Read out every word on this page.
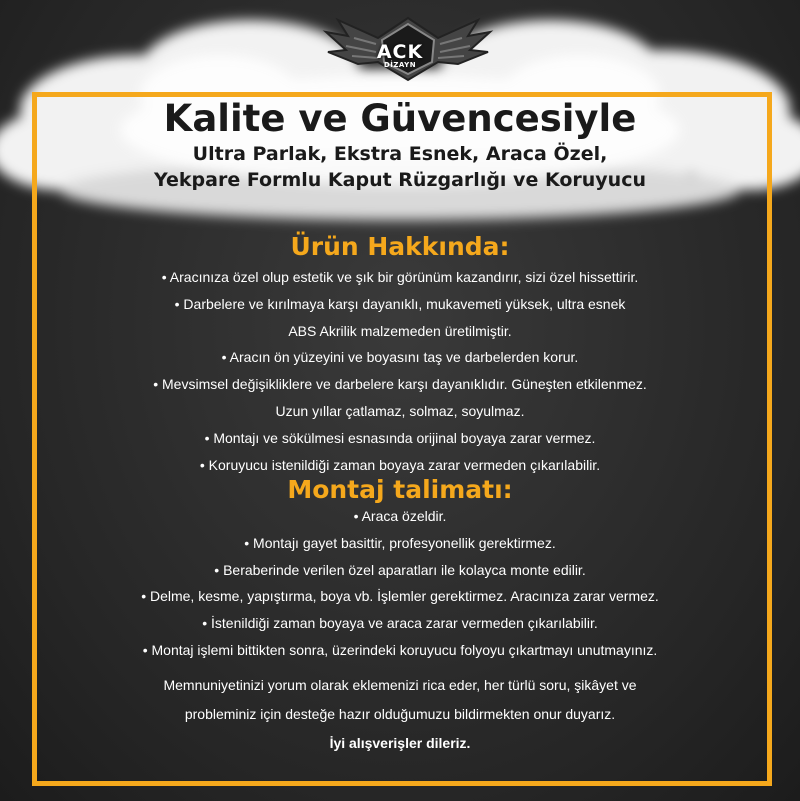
ACK
DİZAYN
Kalite ve Güvencesiyle
Ultra Parlak, Ekstra Esnek, Araca Özel,
Yekpare Formlu Kaput Rüzgarlığı ve Koruyucu
Ürün Hakkında:
• Aracınıza özel olup estetik ve şık bir görünüm kazandırır, sizi özel hissettirir.
• Darbelere ve kırılmaya karşı dayanıklı, mukavemeti yüksek, ultra esnek
ABS Akrilik malzemeden üretilmiştir.
• Aracın ön yüzeyini ve boyasını taş ve darbelerden korur.
• Mevsimsel değişikliklere ve darbelere karşı dayanıklıdır. Güneşten etkilenmez.
Uzun yıllar çatlamaz, solmaz, soyulmaz.
• Montajı ve sökülmesi esnasında orijinal boyaya zarar vermez.
• Koruyucu istenildiği zaman boyaya zarar vermeden çıkarılabilir.
Montaj talimatı:
• Araca özeldir.
• Montajı gayet basittir, profesyonellik gerektirmez.
• Beraberinde verilen özel aparatları ile kolayca monte edilir.
• Delme, kesme, yapıştırma, boya vb. İşlemler gerektirmez. Aracınıza zarar vermez.
• İstenildiği zaman boyaya ve araca zarar vermeden çıkarılabilir.
• Montaj işlemi bittikten sonra, üzerindeki koruyucu folyoyu çıkartmayı unutmayınız.
Memnuniyetinizi yorum olarak eklemenizi rica eder, her türlü soru, şikâyet ve
probleminiz için desteğe hazır olduğumuzu bildirmekten onur duyarız.
İyi alışverişler dileriz.
